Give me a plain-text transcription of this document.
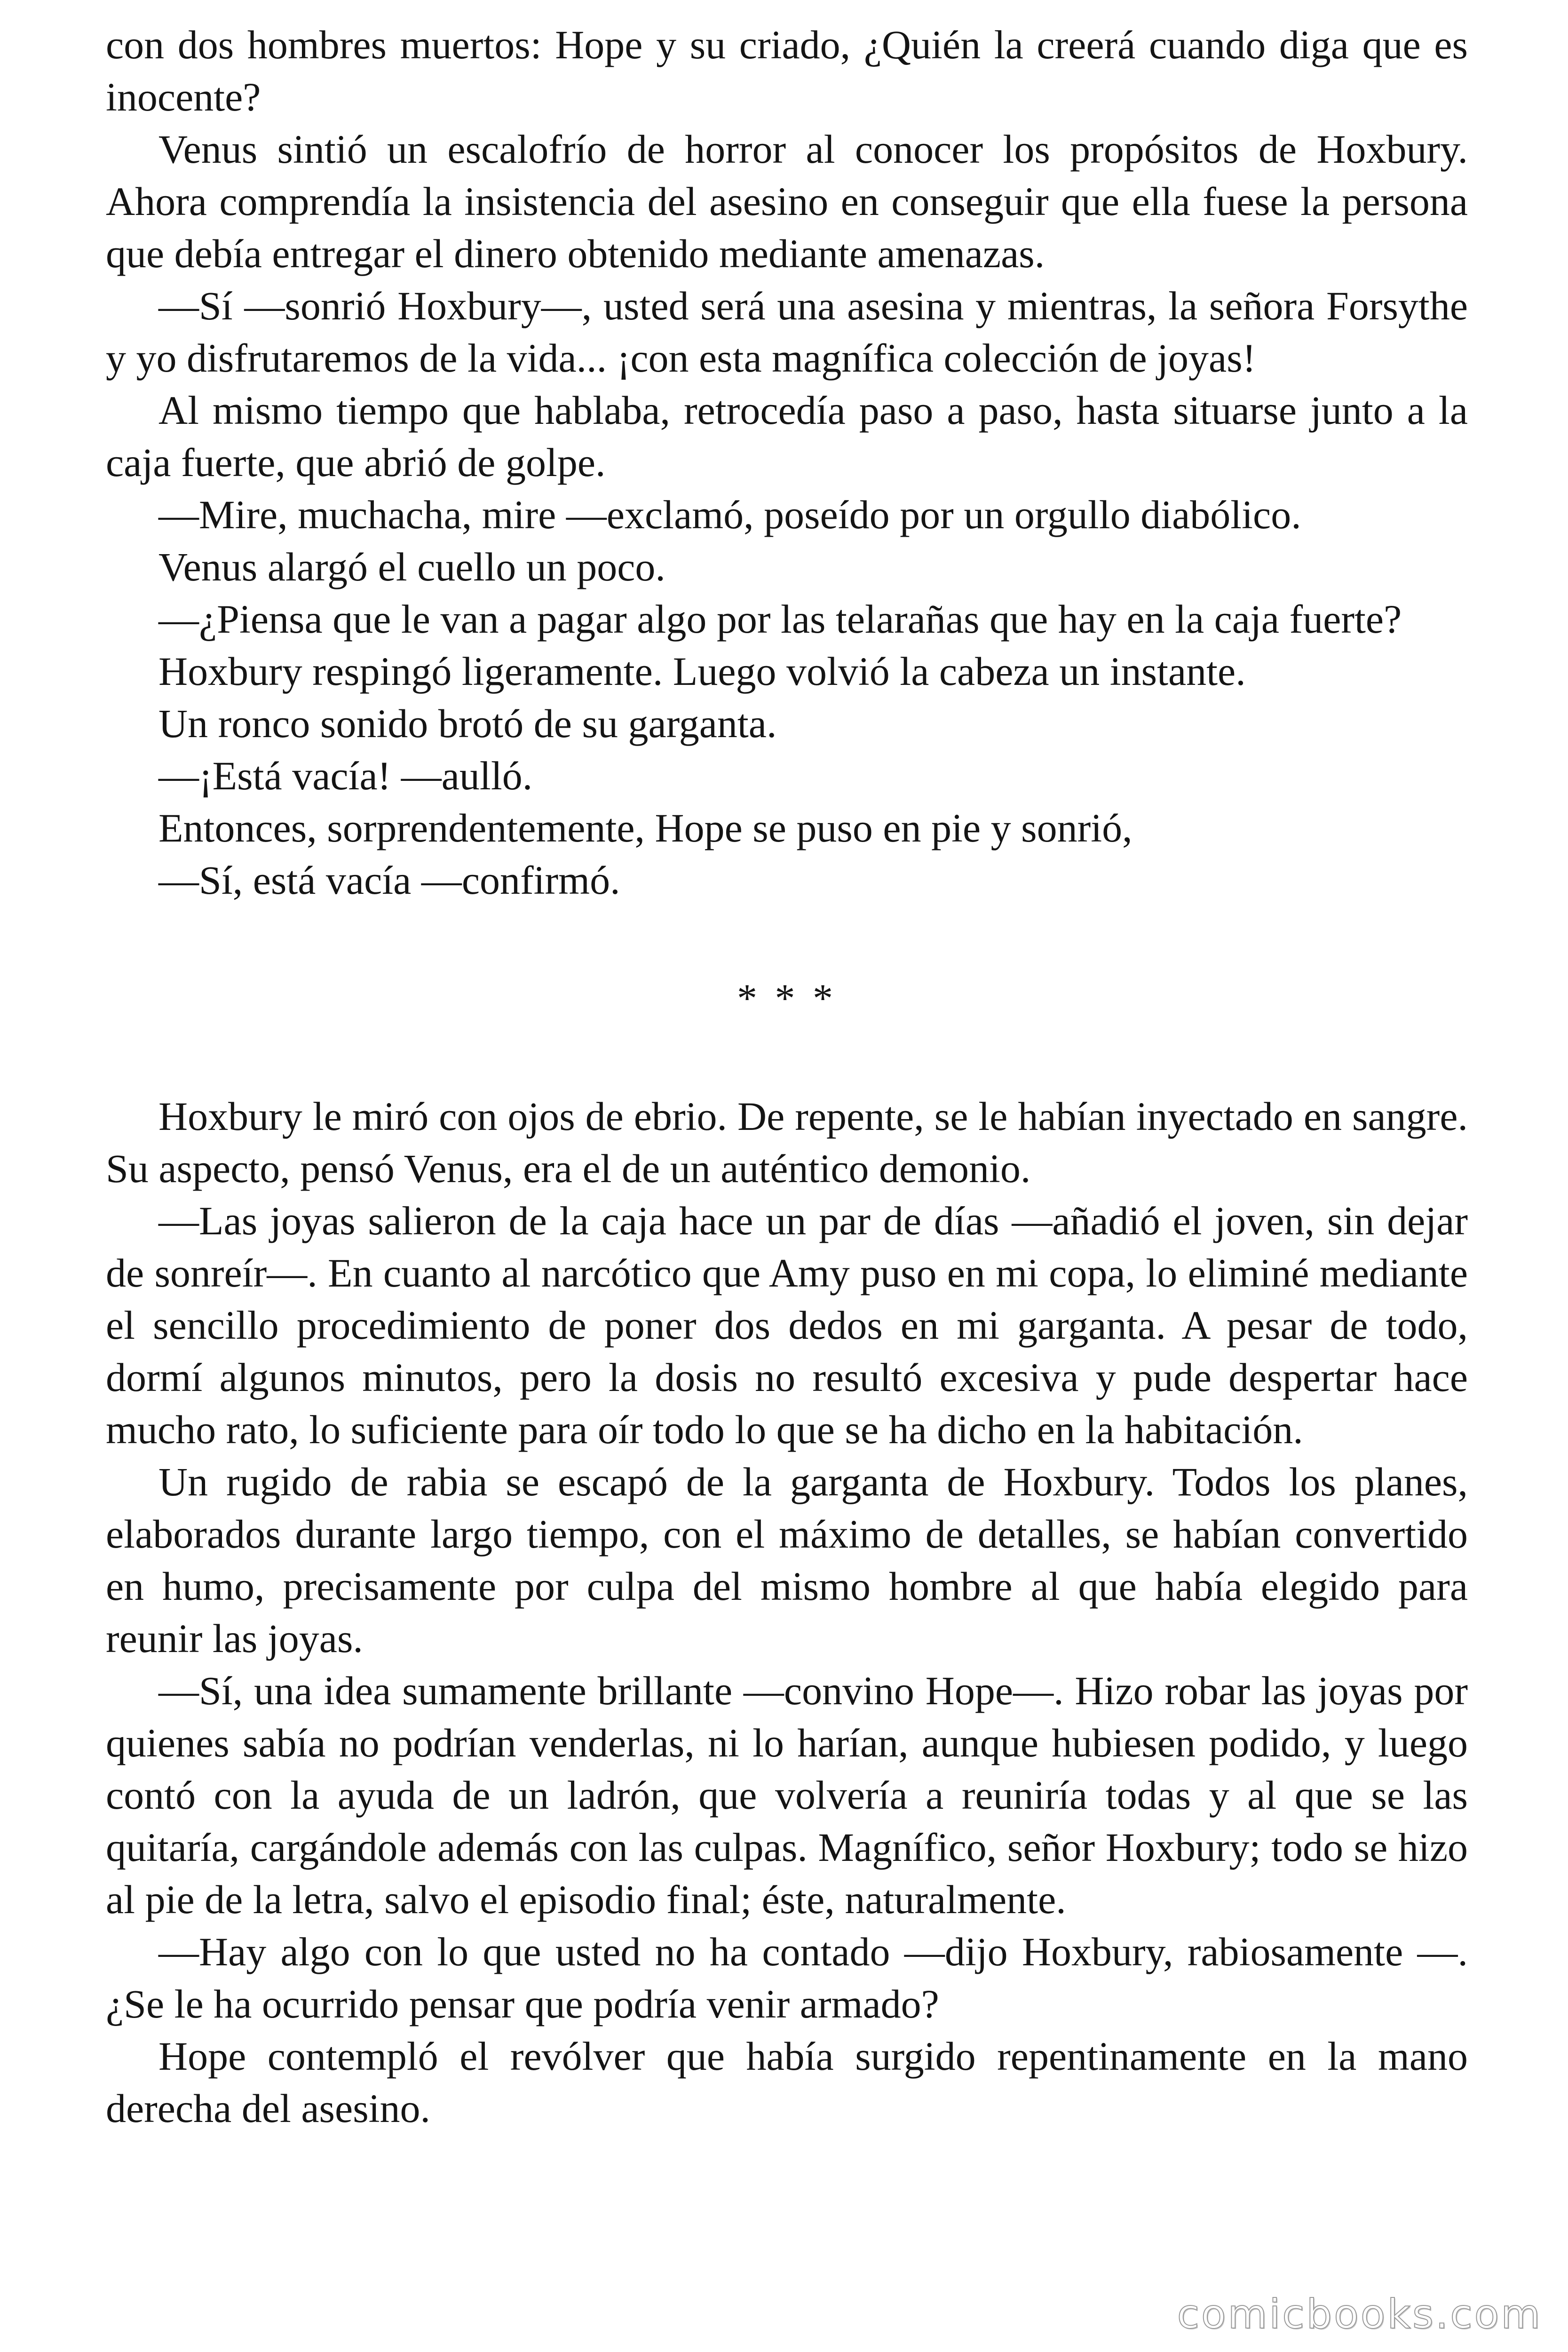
con dos hombres muertos: Hope y su criado, ¿Quién la creerá cuando diga que es inocente?

Venus sintió un escalofrío de horror al conocer los propósitos de Hoxbury. Ahora comprendía la insistencia del asesino en conseguir que ella fuese la persona que debía entregar el dinero obtenido mediante amenazas.

—Sí —sonrió Hoxbury—, usted será una asesina y mientras, la señora Forsythe y yo disfrutaremos de la vida... ¡con esta magnífica colección de joyas!

Al mismo tiempo que hablaba, retrocedía paso a paso, hasta situarse junto a la caja fuerte, que abrió de golpe.

—Mire, muchacha, mire —exclamó, poseído por un orgullo diabólico.

Venus alargó el cuello un poco.

—¿Piensa que le van a pagar algo por las telarañas que hay en la caja fuerte?

Hoxbury respingó ligeramente. Luego volvió la cabeza un instante.

Un ronco sonido brotó de su garganta.

—¡Está vacía! —aulló.

Entonces, sorprendentemente, Hope se puso en pie y sonrió,

—Sí, está vacía —confirmó.

* * *

Hoxbury le miró con ojos de ebrio. De repente, se le habían inyectado en sangre. Su aspecto, pensó Venus, era el de un auténtico demonio.

—Las joyas salieron de la caja hace un par de días —añadió el joven, sin dejar de sonreír—. En cuanto al narcótico que Amy puso en mi copa, lo eliminé mediante el sencillo procedimiento de poner dos dedos en mi garganta. A pesar de todo, dormí algunos minutos, pero la dosis no resultó excesiva y pude despertar hace mucho rato, lo suficiente para oír todo lo que se ha dicho en la habitación.

Un rugido de rabia se escapó de la garganta de Hoxbury. Todos los planes, elaborados durante largo tiempo, con el máximo de detalles, se habían convertido en humo, precisamente por culpa del mismo hombre al que había elegido para reunir las joyas.

—Sí, una idea sumamente brillante —convino Hope—. Hizo robar las joyas por quienes sabía no podrían venderlas, ni lo harían, aunque hubiesen podido, y luego contó con la ayuda de un ladrón, que volvería a reuniría todas y al que se las quitaría, cargándole además con las culpas. Magnífico, señor Hoxbury; todo se hizo al pie de la letra, salvo el episodio final; éste, naturalmente.

—Hay algo con lo que usted no ha contado —dijo Hoxbury, rabiosamente —. ¿Se le ha ocurrido pensar que podría venir armado?

Hope contempló el revólver que había surgido repentinamente en la mano derecha del asesino.

comicbooks.com
